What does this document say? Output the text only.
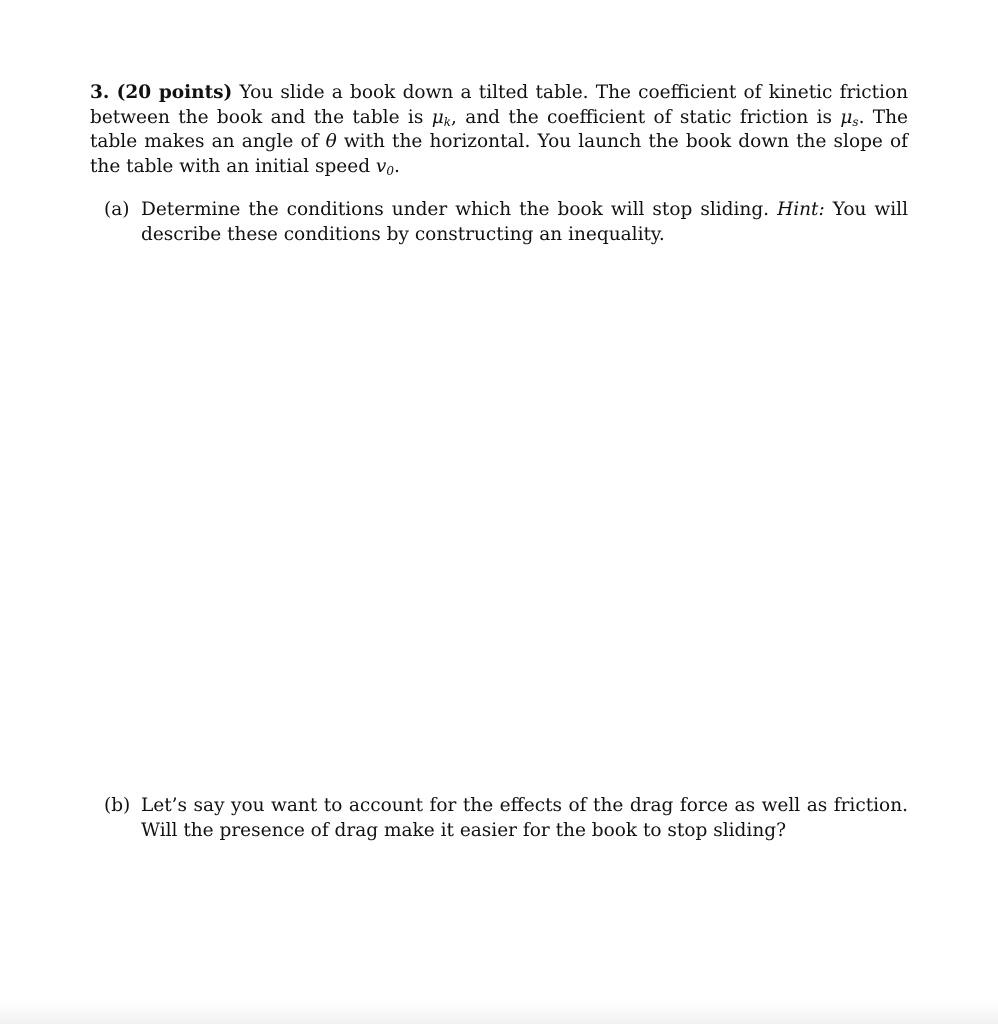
3. (20 points) You slide a book down a tilted table. The coefficient of kinetic friction between the book and the table is $\mu_k$, and the coefficient of static friction is $\mu_s$. The table makes an angle of θ with the horizontal. You launch the book down the slope of the table with an initial speed $v_0$.
(a) Determine the conditions under which the book will stop sliding. Hint: You will describe these conditions by constructing an inequality.
(b) Let’s say you want to account for the effects of the drag force as well as friction. Will the presence of drag make it easier for the book to stop sliding?
